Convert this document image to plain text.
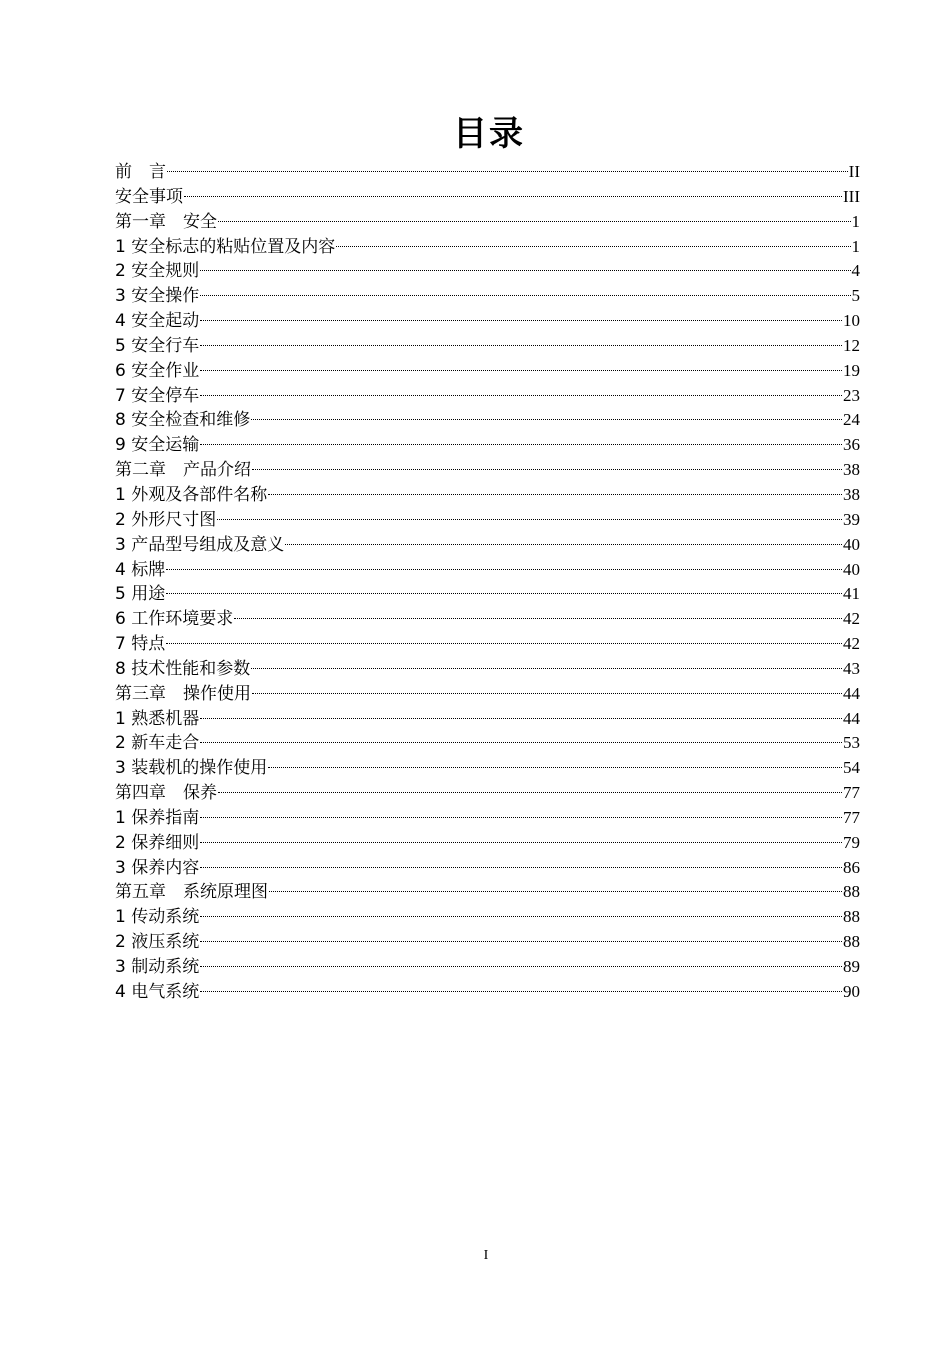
目录
前　言	II
安全事项	III
第一章　安全	1
1 安全标志的粘贴位置及内容	1
2 安全规则	4
3 安全操作	5
4 安全起动	10
5 安全行车	12
6 安全作业	19
7 安全停车	23
8 安全检查和维修	24
9 安全运输	36
第二章　产品介绍	38
1 外观及各部件名称	38
2 外形尺寸图	39
3 产品型号组成及意义	40
4 标牌	40
5 用途	41
6 工作环境要求	42
7 特点	42
8 技术性能和参数	43
第三章　操作使用	44
1 熟悉机器	44
2 新车走合	53
3 装载机的操作使用	54
第四章　保养	77
1 保养指南	77
2 保养细则	79
3 保养内容	86
第五章　系统原理图	88
1 传动系统	88
2 液压系统	88
3 制动系统	89
4 电气系统	90
I
